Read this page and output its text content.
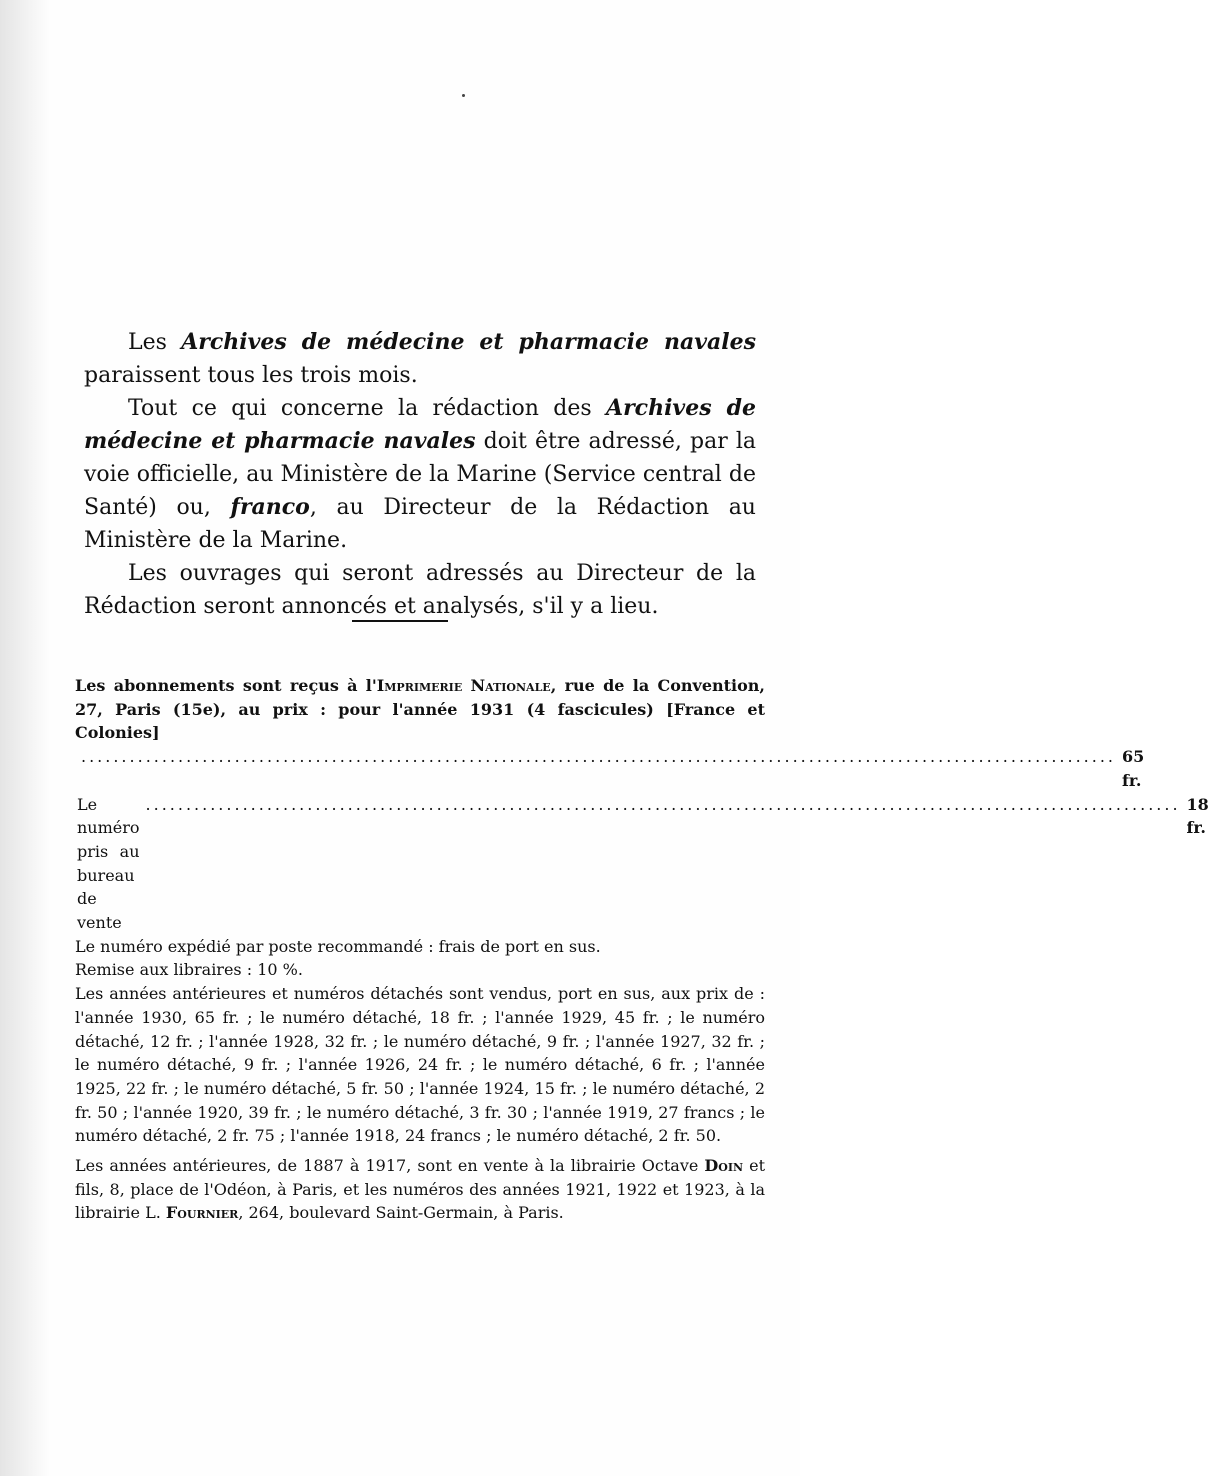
Les Archives de médecine et pharmacie navales paraissent tous les trois mois.

Tout ce qui concerne la rédaction des Archives de médecine et pharmacie navales doit être adressé, par la voie officielle, au Ministère de la Marine (Service central de Santé) ou, franco, au Directeur de la Rédaction au Ministère de la Marine.

Les ouvrages qui seront adressés au Directeur de la Rédaction seront annoncés et analysés, s'il y a lieu.

Les abonnements sont reçus à l'Imprimerie Nationale, rue de la Convention, 27, Paris (15e), au prix : pour l'année 1931 (4 fascicules) [France et Colonies]

................................................................................................................................ 65 fr.
Le numéro pris au bureau de vente
................................................................................................................................ 18 fr.

Le numéro expédié par poste recommandé : frais de port en sus.

Remise aux libraires : 10 %.

Les années antérieures et numéros détachés sont vendus, port en sus, aux prix de : l'année 1930, 65 fr. ; le numéro détaché, 18 fr. ; l'année 1929, 45 fr. ; le numéro détaché, 12 fr. ; l'année 1928, 32 fr. ; le numéro détaché, 9 fr. ; l'année 1927, 32 fr. ; le numéro détaché, 9 fr. ; l'année 1926, 24 fr. ; le numéro détaché, 6 fr. ; l'année 1925, 22 fr. ; le numéro détaché, 5 fr. 50 ; l'année 1924, 15 fr. ; le numéro détaché, 2 fr. 50 ; l'année 1920, 39 fr. ; le numéro détaché, 3 fr. 30 ; l'année 1919, 27 francs ; le numéro détaché, 2 fr. 75 ; l'année 1918, 24 francs ; le numéro détaché, 2 fr. 50.

Les années antérieures, de 1887 à 1917, sont en vente à la librairie Octave Doin et fils, 8, place de l'Odéon, à Paris, et les numéros des années 1921, 1922 et 1923, à la librairie L. Fournier, 264, boulevard Saint-Germain, à Paris.
